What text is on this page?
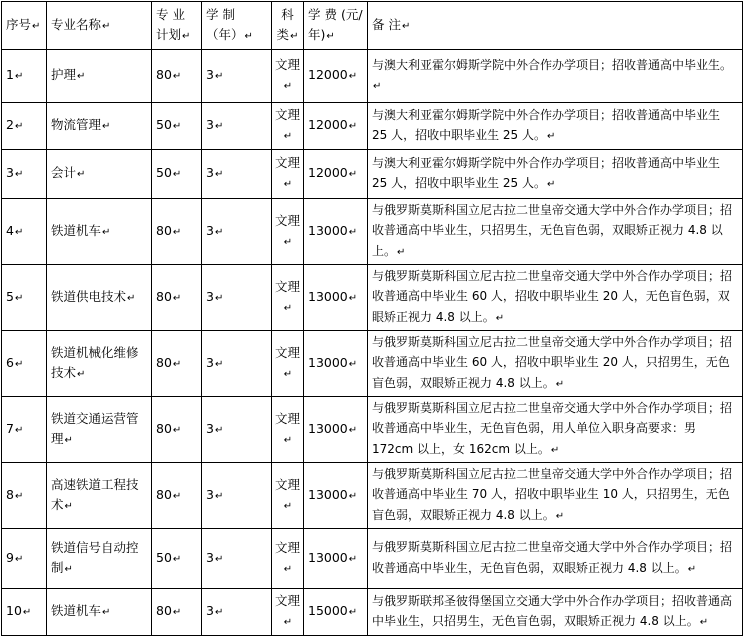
序号↵	专业名称↵	专 业 计划↵	学 制 （年）↵	科 类↵	学 费 (元/年)↵	备 注↵
1↵	护理↵	80↵	3↵	文理↵	12000↵	与澳大利亚霍尔姆斯学院中外合作办学项目；招收普通高中毕业生。↵
2↵	物流管理↵	50↵	3↵	文理↵	12000↵	与澳大利亚霍尔姆斯学院中外合作办学项目；招收普通高中毕业生 25 人，招收中职毕业生 25 人。↵
3↵	会计↵	50↵	3↵	文理↵	12000↵	与澳大利亚霍尔姆斯学院中外合作办学项目；招收普通高中毕业生 25 人，招收中职毕业生 25 人。↵
4↵	铁道机车↵	80↵	3↵	文理↵	13000↵	与俄罗斯莫斯科国立尼古拉二世皇帝交通大学中外合作办学项目；招收普通高中毕业生，只招男生，无色盲色弱，双眼矫正视力 4.8 以上。↵
5↵	铁道供电技术↵	80↵	3↵	文理↵	13000↵	与俄罗斯莫斯科国立尼古拉二世皇帝交通大学中外合作办学项目；招收普通高中毕业生 60 人，招收中职毕业生 20 人，无色盲色弱，双眼矫正视力 4.8 以上。↵
6↵	铁道机械化维修技术↵	80↵	3↵	文理↵	13000↵	与俄罗斯莫斯科国立尼古拉二世皇帝交通大学中外合作办学项目；招收普通高中毕业生 60 人，招收中职毕业生 20 人，只招男生，无色盲色弱，双眼矫正视力 4.8 以上。↵
7↵	铁道交通运营管理↵	80↵	3↵	文理↵	13000↵	与俄罗斯莫斯科国立尼古拉二世皇帝交通大学中外合作办学项目；招收普通高中毕业生，无色盲色弱，用人单位入职身高要求：男 172cm 以上，女 162cm 以上。↵
8↵	高速铁道工程技术↵	80↵	3↵	文理↵	13000↵	与俄罗斯莫斯科国立尼古拉二世皇帝交通大学中外合作办学项目；招收普通高中毕业生 70 人，招收中职毕业生 10 人，只招男生，无色盲色弱，双眼矫正视力 4.8 以上。↵
9↵	铁道信号自动控制↵	50↵	3↵	文理↵	13000↵	与俄罗斯莫斯科国立尼古拉二世皇帝交通大学中外合作办学项目；招收普通高中毕业生，无色盲色弱，双眼矫正视力 4.8 以上。↵
10↵	铁道机车↵	80↵	3↵	文理↵	15000↵	与俄罗斯联邦圣彼得堡国立交通大学中外合作办学项目；招收普通高中毕业生，只招男生，无色盲色弱，双眼矫正视力 4.8 以上。↵
